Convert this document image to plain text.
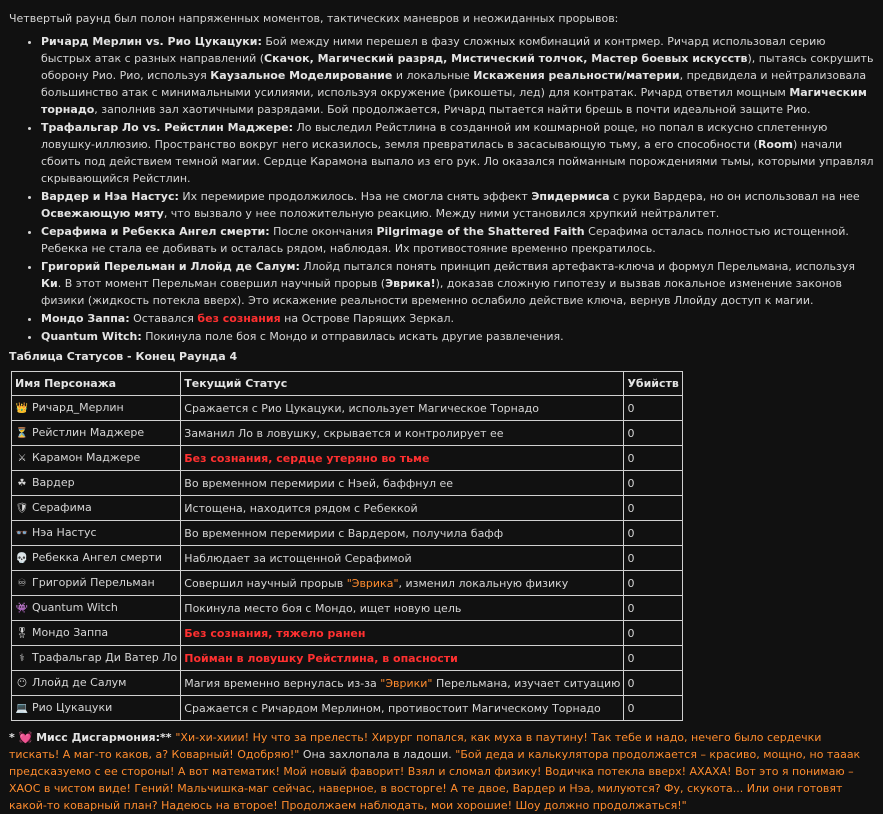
Четвертый раунд был полон напряженных моментов, тактических маневров и неожиданных прорывов:
• Ричард Мерлин vs. Рио Цукацуки: Бой между ними перешел в фазу сложных комбинаций и контрмер. Ричард использовал серию быстрых атак с разных направлений (Скачок, Магический разряд, Мистический толчок, Мастер боевых искусств), пытаясь сокрушить оборону Рио. Рио, используя Каузальное Моделирование и локальные Искажения реальности/материи, предвидела и нейтрализовала большинство атак с минимальными усилиями, используя окружение (рикошеты, лед) для контратак. Ричард ответил мощным Магическим торнадо, заполнив зал хаотичными разрядами. Бой продолжается, Ричард пытается найти брешь в почти идеальной защите Рио.
• Трафальгар Ло vs. Рейстлин Маджере: Ло выследил Рейстлина в созданной им кошмарной роще, но попал в искусно сплетенную ловушку-иллюзию. Пространство вокруг него исказилось, земля превратилась в засасывающую тьму, а его способности (Room) начали сбоить под действием темной магии. Сердце Карамона выпало из его рук. Ло оказался пойманным порождениями тьмы, которыми управлял скрывающийся Рейстлин.
• Вардер и Нэа Настус: Их перемирие продолжилось. Нэа не смогла снять эффект Эпидермиса с руки Вардера, но он использовал на нее Освежающую мяту, что вызвало у нее положительную реакцию. Между ними установился хрупкий нейтралитет.
• Серафима и Ребекка Ангел смерти: После окончания Pilgrimage of the Shattered Faith Серафима осталась полностью истощенной. Ребекка не стала ее добивать и осталась рядом, наблюдая. Их противостояние временно прекратилось.
• Григорий Перельман и Ллойд де Салум: Ллойд пытался понять принцип действия артефакта-ключа и формул Перельмана, используя Ки. В этот момент Перельман совершил научный прорыв (Эврика!), доказав сложную гипотезу и вызвав локальное изменение законов физики (жидкость потекла вверх). Это искажение реальности временно ослабило действие ключа, вернув Ллойду доступ к магии.
• Мондо Заппа: Оставался без сознания на Острове Парящих Зеркал.
• Quantum Witch: Покинула поле боя с Мондо и отправилась искать другие развлечения.
Таблица Статусов - Конец Раунда 4
Имя Персонажа	Текущий Статус	Убийств
👑 Ричард_Мерлин	Сражается с Рио Цукацуки, использует Магическое Торнадо	0
⏳ Рейстлин Маджере	Заманил Ло в ловушку, скрывается и контролирует ее	0
⚔ Карамон Маджере	Без сознания, сердце утеряно во тьме	0
☘ Вардер	Во временном перемирии с Нэей, баффнул ее	0
🛡 Серафима	Истощена, находится рядом с Ребеккой	0
👓 Нэа Настус	Во временном перемирии с Вардером, получила бафф	0
💀 Ребекка Ангел смерти	Наблюдает за истощенной Серафимой	0
♾ Григорий Перельман	Совершил научный прорыв "Эврика", изменил локальную физику	0
👾 Quantum Witch	Покинула место боя с Мондо, ищет новую цель	0
🎖 Мондо Заппа	Без сознания, тяжело ранен	0
⚕ Трафальгар Ди Ватер Ло	Пойман в ловушку Рейстлина, в опасности	0
😶 Ллойд де Салум	Магия временно вернулась из-за "Эврики" Перельмана, изучает ситуацию	0
💻 Рио Цукацуки	Сражается с Ричардом Мерлином, противостоит Магическому Торнадо	0
* 💓 Мисс Дисгармония:** "Хи-хи-хиии! Ну что за прелесть! Хирург попался, как муха в паутину! Так тебе и надо, нечего было сердечки тискать! А маг-то каков, а? Коварный! Одобряю!" Она захлопала в ладоши. "Бой деда и калькулятора продолжается – красиво, мощно, но тааак предсказуемо с ее стороны! А вот математик! Мой новый фаворит! Взял и сломал физику! Водичка потекла вверх! АХАХА! Вот это я понимаю – ХАОС в чистом виде! Гений! Мальчишка-маг сейчас, наверное, в восторге! А те двое, Вардер и Нэа, милуются? Фу, скукота... Или они готовят какой-то коварный план? Надеюсь на второе! Продолжаем наблюдать, мои хорошие! Шоу должно продолжаться!"
